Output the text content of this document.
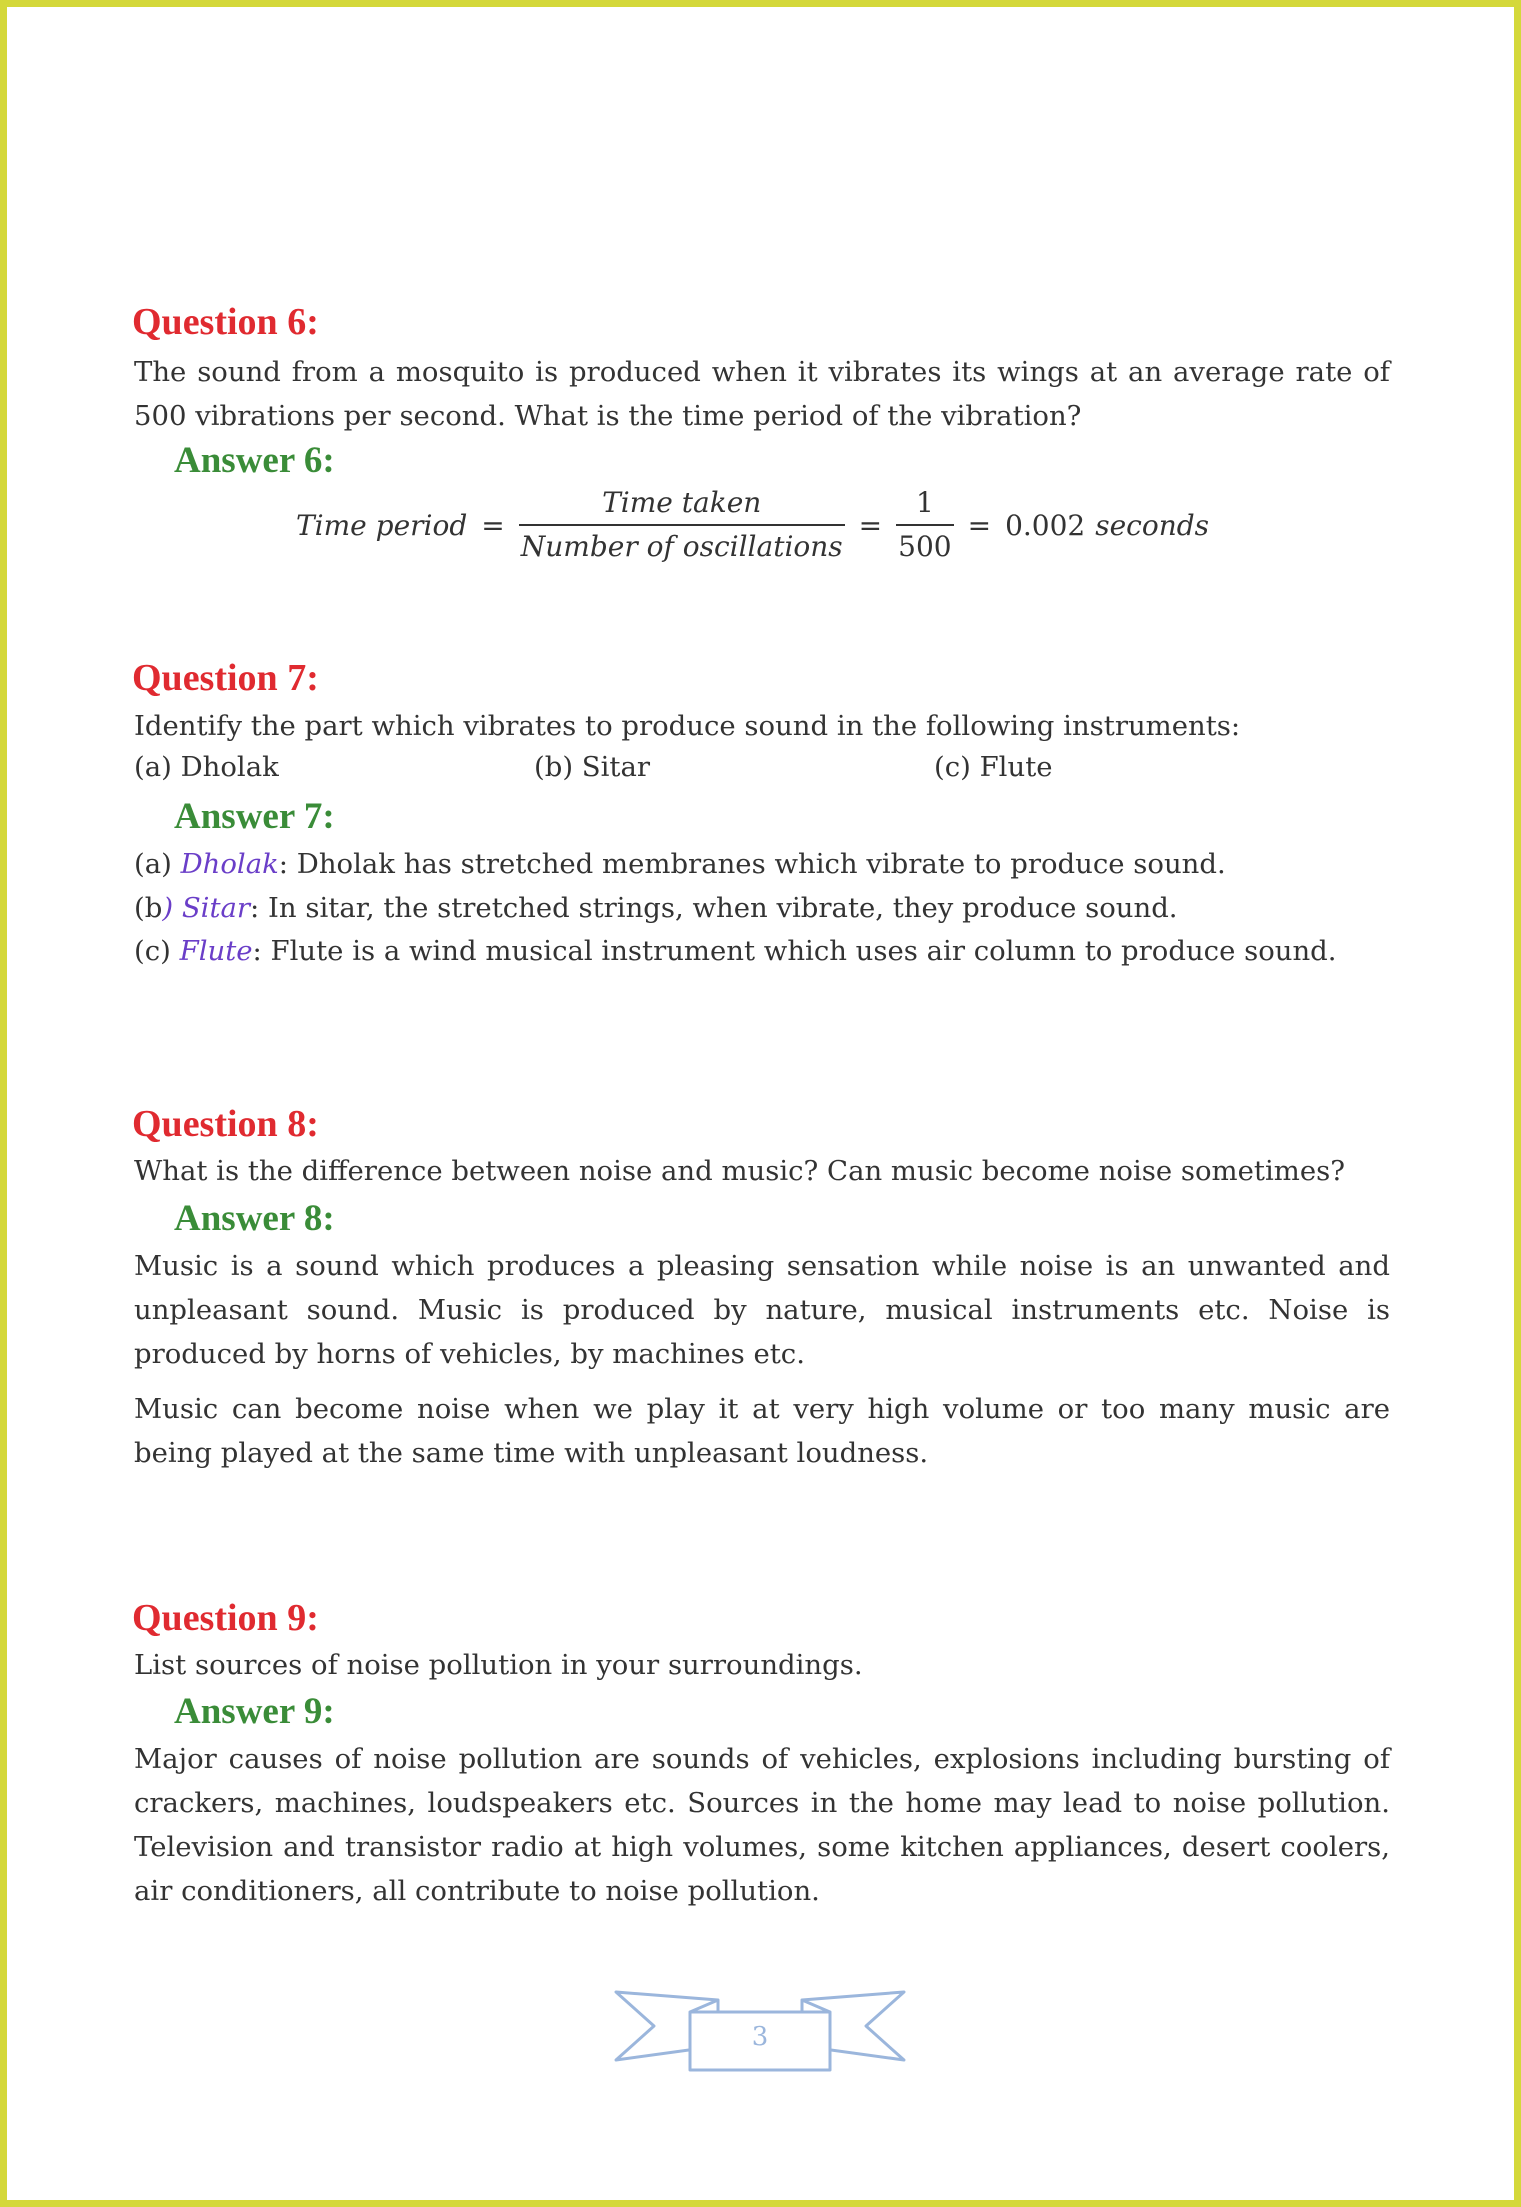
Question 6:

The sound from a mosquito is produced when it vibrates its wings at an average rate of 500 vibrations per second. What is the time period of the vibration?

Answer 6:
Time period = $\frac{\text{Time taken}}{\text{Number of oscillations}} = \frac{1}{500} = 0.002$ seconds
Question 7:

Identify the part which vibrates to produce sound in the following instruments:

(a) Dholak	(b) Sitar	(c) Flute
Answer 7:

(a) Dholak: Dholak has stretched membranes which vibrate to produce sound.

(b) Sitar: In sitar, the stretched strings, when vibrate, they produce sound.

(c) Flute: Flute is a wind musical instrument which uses air column to produce sound.

Question 8:

What is the difference between noise and music? Can music become noise sometimes?

Answer 8:

Music is a sound which produces a pleasing sensation while noise is an unwanted and unpleasant sound. Music is produced by nature, musical instruments etc. Noise is produced by horns of vehicles, by machines etc.

Music can become noise when we play it at very high volume or too many music are being played at the same time with unpleasant loudness.

Question 9:

List sources of noise pollution in your surroundings.

Answer 9:

Major causes of noise pollution are sounds of vehicles, explosions including bursting of crackers, machines, loudspeakers etc. Sources in the home may lead to noise pollution. Television and transistor radio at high volumes, some kitchen appliances, desert coolers, air conditioners, all contribute to noise pollution.

3
